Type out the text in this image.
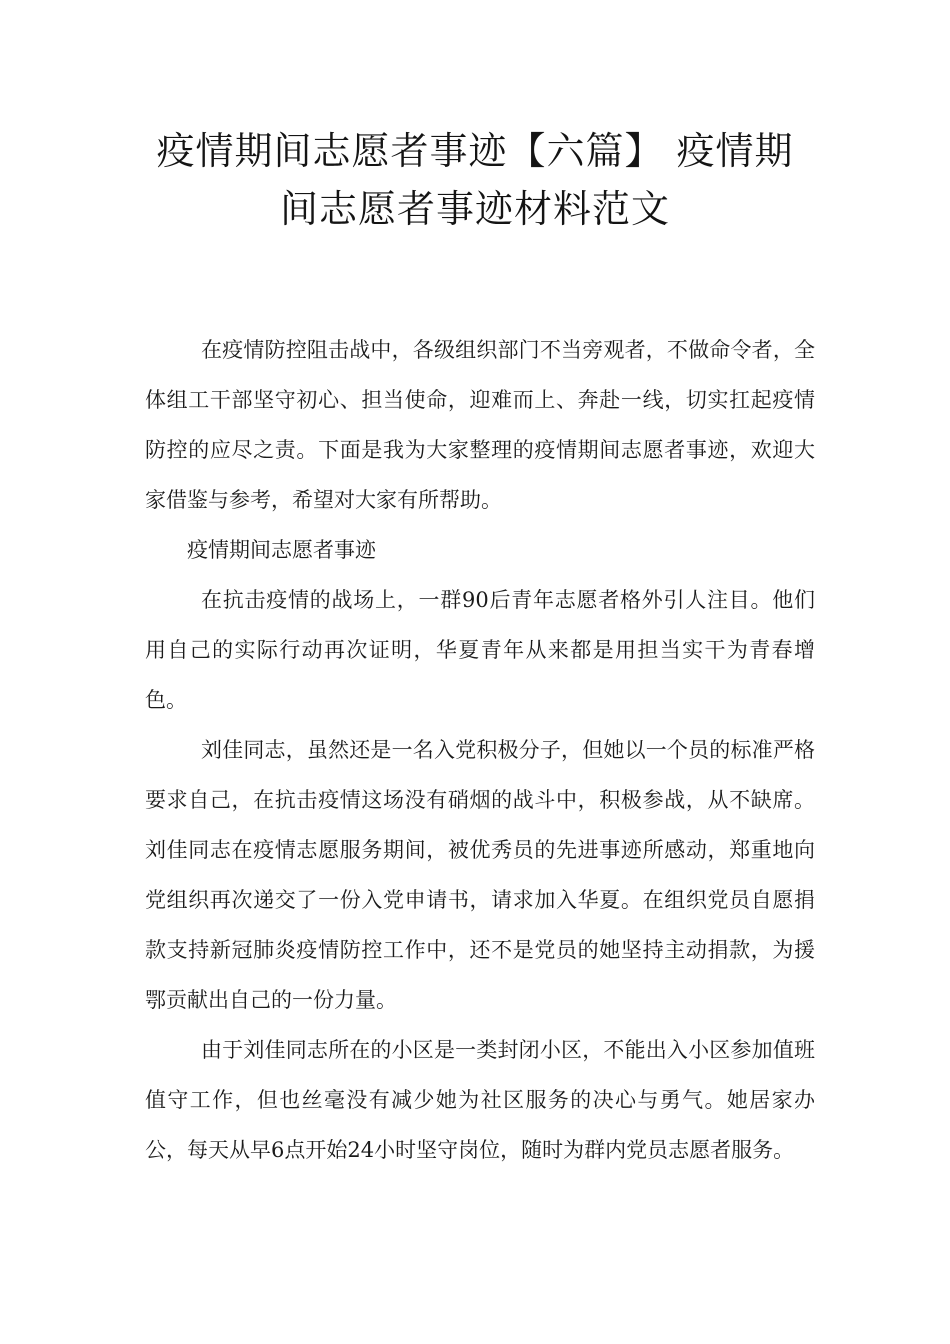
疫情期间志愿者事迹【六篇】 疫情期
间志愿者事迹材料范文

在疫情防控阻击战中，各级组织部门不当旁观者，不做命令者，全体组工干部坚守初心、担当使命，迎难而上、奔赴一线，切实扛起疫情防控的应尽之责。下面是我为大家整理的疫情期间志愿者事迹，欢迎大家借鉴与参考，希望对大家有所帮助。

疫情期间志愿者事迹

在抗击疫情的战场上，一群90后青年志愿者格外引人注目。他们用自己的实际行动再次证明，华夏青年从来都是用担当实干为青春增色。

刘佳同志，虽然还是一名入党积极分子，但她以一个员的标准严格要求自己，在抗击疫情这场没有硝烟的战斗中，积极参战，从不缺席。刘佳同志在疫情志愿服务期间，被优秀员的先进事迹所感动，郑重地向党组织再次递交了一份入党申请书，请求加入华夏。在组织党员自愿捐款支持新冠肺炎疫情防控工作中，还不是党员的她坚持主动捐款，为援鄂贡献出自己的一份力量。

由于刘佳同志所在的小区是一类封闭小区，不能出入小区参加值班值守工作，但也丝毫没有减少她为社区服务的决心与勇气。她居家办公，每天从早6点开始24小时坚守岗位，随时为群内党员志愿者服务。
